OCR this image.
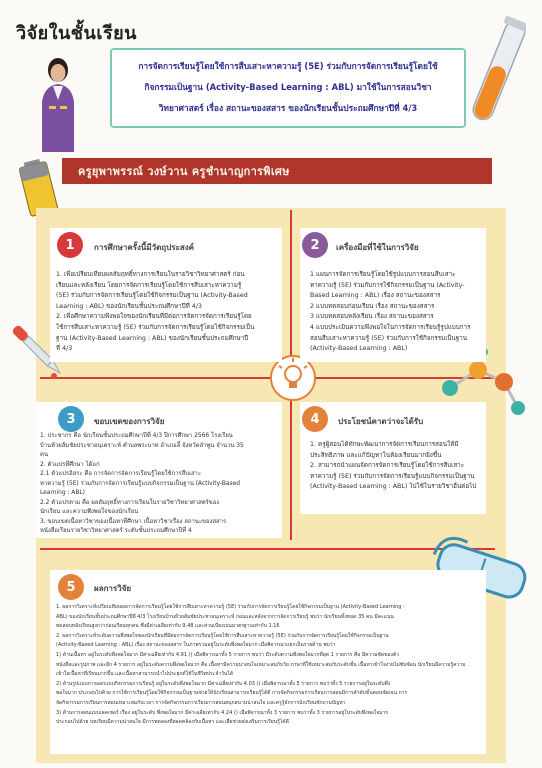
วิจัยในชั้นเรียน
การจัดการเรียนรู้โดยใช้การสืบเสาะหาความรู้ (5E) ร่วมกับการจัดการเรียนรู้โดยใช้
กิจกรรมเป็นฐาน (Activity-Based Learning : ABL) มาใช้ในการสอนวิชา
วิทยาศาสตร์ เรื่อง สถานะของสสาร ของนักเรียนชั้นประถมศึกษาปีที่ 4/3
ครูยุพาพรรณ์ วงษ์วาน ครูชำนาญการพิเศษ
1	การศึกษาครั้งนี้มีวัตถุประสงค์
1. เพื่อเปรียบเทียบผลสัมฤทธิ์ทางการเรียนในรายวิชาวิทยาศาสตร์ ก่อน
เรียนและหลังเรียน โดยการจัดการเรียนรู้โดยใช้การสืบเสาะหาความรู้
(5E) ร่วมกับการจัดการเรียนรู้โดยใช้กิจกรรมเป็นฐาน (Activity-Based
Learning : ABL) ของนักเรียนชั้นประถมศึกษาปีที่ 4/3
2. เพื่อศึกษาความพึงพอใจของนักเรียนที่มีต่อการจัดการจัดการเรียนรู้โดย
ใช้การสืบเสาะหาความรู้ (5E) ร่วมกับการจัดการเรียนรู้โดยใช้กิจกรรมเป็น
ฐาน (Activity-Based Learning : ABL) ของนักเรียนชั้นประถมศึกษาปี
ที่ 4/3
2	เครื่องมือที่ใช้ในการวิจัย
1 แผนการจัดการเรียนรู้โดยใช้รูปแบบการสอนสืบเสาะ
หาความรู้ (5E) ร่วมกับการใช้กิจกรรมเป็นฐาน (Activity-
Based Learning : ABL) เรื่อง สถานะของสสาร
2 แบบทดสอบก่อนเรียน เรื่อง สถานะของสสาร
3 แบบทดสอบหลังเรียน เรื่อง สถานะของสสาร
4 แบบประเมินความพึงพอใจในการจัดการเรียนรู้รูปแบบการ
สอนสืบเสาะหาความรู้ (5E) ร่วมกับการใช้กิจกรรมเป็นฐาน
(Activity-Based Learning : ABL)
3	ขอบเขตของการวิจัย
1. ประชากร คือ นักเรียนชั้นประถมศึกษาปีที่ 4/3 ปีการศึกษา 2566 โรงเรียน
บ้านห้วยส้มชัยประชาอนุเคราะห์ ตำบลพระบาท อำเภอลี้ จังหวัดลำพูน จำนวน 35
คน
2. ตัวแปรที่ศึกษา ได้แก่
2.1 ตัวแปรอิสระ คือ การจัดการจัดการเรียนรู้โดยใช้การสืบเสาะ
หาความรู้ (5E) ร่วมกับการจัดการเรียนรู้แบบกิจกรรมเป็นฐาน (Activity-Based
Learning : ABL)
2.2 ตัวแปรตาม คือ ผลสัมฤทธิ์ทางการเรียนในรายวิชาวิทยาศาสตร์ของ
นักเรียน และความพึงพอใจของนักเรียน
3. ขอบเขตเนื้อหาวิชาของเนื้อหาที่ศึกษา เนื้อหาวิชาเรื่อง สถานะของสสาร
หนังสือเรียนรายวิชาวิทยาศาสตร์ ระดับชั้นประถมศึกษาปีที่ 4
4	ประโยชน์คาดว่าจะได้รับ
1. ครูผู้สอนได้ทักษะพัฒนาการจัดการเรียนการสอนให้มี
ประสิทธิภาพ และแก้ปัญหาในห้องเรียนมากยิ่งขึ้น
2. สามารถนำแผนจัดการจัดการเรียนรู้โดยใช้การสืบเสาะ
หาความรู้ (5E) ร่วมกับการจัดการเรียนรู้แบบกิจกรรมเป็นฐาน
(Activity-Based Learning : ABL) ไปใช้ในรายวิชาอื่นต่อไป
5	ผลการวิจัย
1. ผลการวิเคราะห์เปรียบเทียบผลการจัดการเรียนรู้โดยใช้การสืบเสาะหาความรู้ (5E) ร่วมกับการจัดการเรียนรู้โดยใช้กิจกรรมเป็นฐาน (Activity-Based Learning :
ABL) ของนักเรียนชั้นประถมศึกษาปีที่ 4/3 โรงเรียนบ้านห้วยส้มชัยประชาอนุเคราะห์ ก่อนและหลังจากการจัดการเรียนรู้ พบว่า นักเรียนทั้งหมด 35 คน มีคะแนน
ทดสอบหลังเรียนสูงกว่าก่อนเรียนทุกคน ซึ่งมีค่าเฉลี่ยเท่ากับ 9.48 และส่วนเบี่ยงเบนมาตรฐานเท่ากับ 1.16
2. ผลการวิเคราะห์ระดับความพึงพอใจของนักเรียนที่มีต่อการจัดการเรียนรู้โดยใช้การสืบเสาะหาความรู้ (5E) ร่วมกับการจัดการเรียนรู้โดยใช้กิจกรรมเป็นฐาน
(Activity-Based Learning : ABL) เรื่อง สถานะของสสาร ในภาพรวมอยู่ในระดับพึงพอใจมาก เมื่อพิจารณาแยกเป็นรายด้าน พบว่า
1) ด้านเนื้อหา อยู่ในระดับพึงพอใจมาก มีค่าเฉลี่ยเท่ากับ 4.91 () เมื่อพิจารณาทั้ง 5 รายการ พบว่า มีระดับความพึงพอใจมากที่สุด 1 รายการ คือ มีความชัดของตัว
หนังสือและรูปภาพ และอีก 4 รายการ อยู่ในระดับความพึงพอใจมาก คือ เนื้อหามีความน่าสนใจเหมาะสมกับวัย ภาษาที่ใช้เหมาะสมกับระดับชั้น เนื้อหาเข้าใจง่ายไม่ซับซ้อน นักเรียนมีความรู้ความ
เข้าใจเนื้อหาที่เรียนมากขึ้น และเนื้อหาสามารถนำไปประยุกต์ใช้ในชีวิตประจำวันได้
2) ด้านรูปแบบการออกแบบกิจกรรมการเรียนรู้ อยู่ในระดับพึงพอใจมาก มีค่าเฉลี่ยเท่ากับ 4.03 () เมื่อพิจารณาทั้ง 5 รายการ พบว่าทั้ง 5 รายการอยู่ในระดับพึง
พอใจมาก ประกอบไปด้วย การใช้การเรียนรู้โดยใช้กิจกรรมเป็นฐานช่วยให้นักเรียนสามารถเรียนรู้ได้ดี การจัดกิจกรรมการเรียนการสอนมีการลำดับขั้นตอนชัดเจน การ
จัดกิจกรรมการเรียนการสอนเหมาะสมกับเวลา การจัดกิจกรรมการเรียนการสอนสนุกสนานน่าสนใจ และครูรู้จักการนักเรียนซักถามปัญหา
3) ด้านการสอนแบบเลคเชอร์ เรื่อง อยู่ในระดับ พึงพอใจมาก มีค่าเฉลี่ยเท่ากับ 4.24 () เมื่อพิจารณาทั้ง 3 รายการ พบว่าทั้ง 3 รายการอยู่ในระดับพึงพอใจมาก
ประกอบไปด้วย บทเรียนมีความน่าสนใจ มีการทดลองที่สอดคล้องกับเนื้อหา และเสื่อช่วยส่งเสริมการเรียนรู้ได้ดี
